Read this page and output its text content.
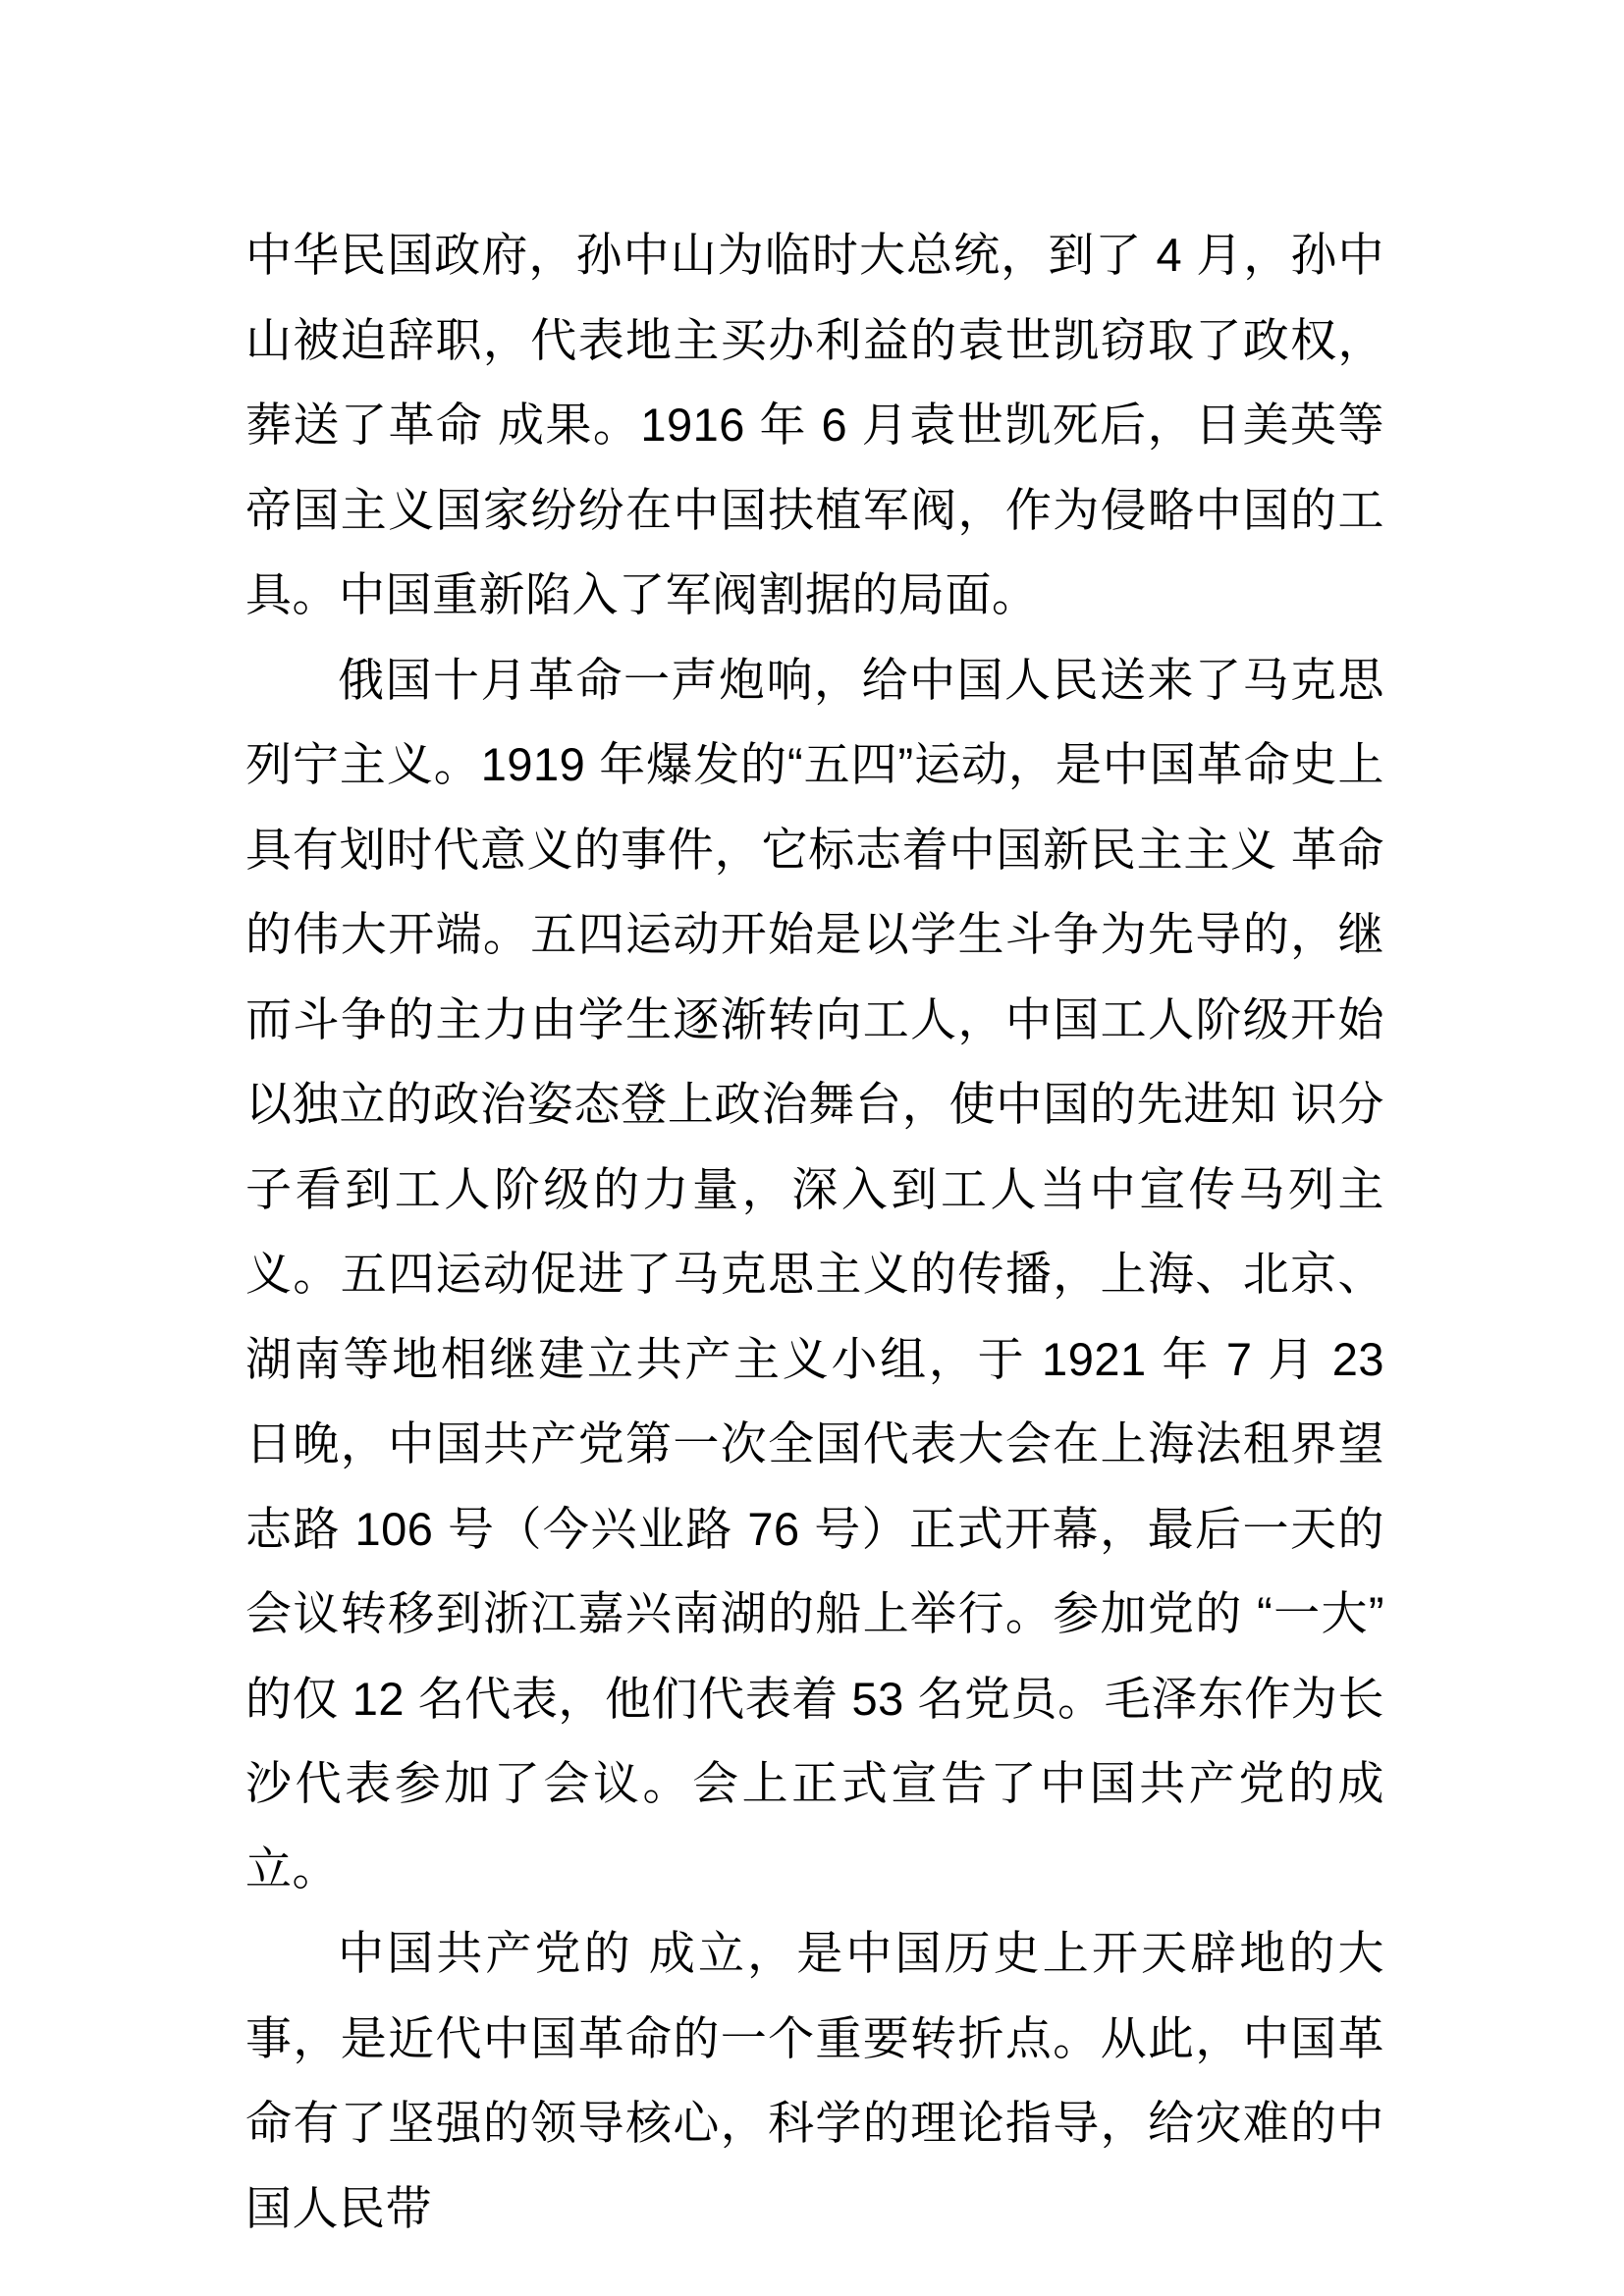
中华民国政府，孙中山为临时大总统，到了 4 月，孙中山被迫辞职，代表地主买办利益的袁世凯窃取了政权，葬送了革命 成果。1916 年 6 月袁世凯死后，日美英等帝国主义国家纷纷在中国扶植军阀，作为侵略中国的工具。中国重新陷入了军阀割据的局面。

俄国十月革命一声炮响，给中国人民送来了马克思列宁主义。1919 年爆发的“五四”运动，是中国革命史上具有划时代意义的事件，它标志着中国新民主主义 革命的伟大开端。五四运动开始是以学生斗争为先导的，继而斗争的主力由学生逐渐转向工人，中国工人阶级开始以独立的政治姿态登上政治舞台，使中国的先进知 识分子看到工人阶级的力量，深入到工人当中宣传马列主义。五四运动促进了马克思主义的传播，上海、北京、湖南等地相继建立共产主义小组，于 1921 年 7 月 23 日晚，中国共产党第一次全国代表大会在上海法租界望志路 106 号（今兴业路 76 号）正式开幕，最后一天的会议转移到浙江嘉兴南湖的船上举行。参加党的 “一大”的仅 12 名代表，他们代表着 53 名党员。毛泽东作为长沙代表参加了会议。会上正式宣告了中国共产党的成立。

中国共产党的 成立，是中国历史上开天辟地的大事，是近代中国革命的一个重要转折点。从此，中国革命有了坚强的领导核心，科学的理论指导，给灾难的中国人民带
